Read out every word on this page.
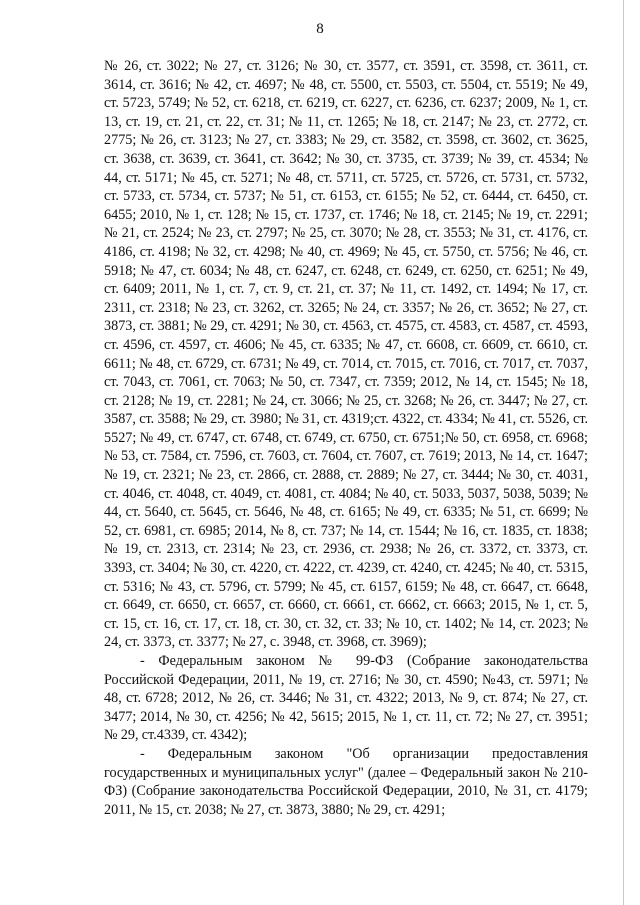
8

№ 26, ст. 3022; № 27, ст. 3126; № 30, ст. 3577, ст. 3591, ст. 3598, ст. 3611, ст. 3614, ст. 3616; № 42, ст. 4697; № 48, ст. 5500, ст. 5503, ст. 5504, ст. 5519; № 49, ст. 5723, 5749; № 52, ст. 6218, ст. 6219, ст. 6227, ст. 6236, ст. 6237; 2009, № 1, ст. 13, ст. 19, ст. 21, ст. 22, ст. 31; № 11, ст. 1265; № 18, ст. 2147; № 23, ст. 2772, ст. 2775; № 26, ст. 3123; № 27, ст. 3383; № 29, ст. 3582, ст. 3598, ст. 3602, ст. 3625, ст. 3638, ст. 3639, ст. 3641, ст. 3642; № 30, ст. 3735, ст. 3739; № 39, ст. 4534; № 44, ст. 5171; № 45, ст. 5271; № 48, ст. 5711, ст. 5725, ст. 5726, ст. 5731, ст. 5732, ст. 5733, ст. 5734, ст. 5737; № 51, ст. 6153, ст. 6155; № 52, ст. 6444, ст. 6450, ст. 6455; 2010, № 1, ст. 128; № 15, ст. 1737, ст. 1746; № 18, ст. 2145; № 19, ст. 2291; № 21, ст. 2524; № 23, ст. 2797; № 25, ст. 3070; № 28, ст. 3553; № 31, ст. 4176, ст. 4186, ст. 4198; № 32, ст. 4298; № 40, ст. 4969; № 45, ст. 5750, ст. 5756; № 46, ст. 5918; № 47, ст. 6034; № 48, ст. 6247, ст. 6248, ст. 6249, ст. 6250, ст. 6251; № 49, ст. 6409; 2011, № 1, ст. 7, ст. 9, ст. 21, ст. 37; № 11, ст. 1492, ст. 1494; № 17, ст. 2311, ст. 2318; № 23, ст. 3262, ст. 3265; № 24, ст. 3357; № 26, ст. 3652; № 27, ст. 3873, ст. 3881; № 29, ст. 4291; № 30, ст. 4563, ст. 4575, ст. 4583, ст. 4587, ст. 4593, ст. 4596, ст. 4597, ст. 4606; № 45, ст. 6335; № 47, ст. 6608, ст. 6609, ст. 6610, ст. 6611; № 48, ст. 6729, ст. 6731; № 49, ст. 7014, ст. 7015, ст. 7016, ст. 7017, ст. 7037, ст. 7043, ст. 7061, ст. 7063; № 50, ст. 7347, ст. 7359; 2012, № 14, ст. 1545; № 18, ст. 2128; № 19, ст. 2281; № 24, ст. 3066; № 25, ст. 3268; № 26, ст. 3447; № 27, ст. 3587, ст. 3588; № 29, ст. 3980; № 31, ст. 4319;ст. 4322, ст. 4334; № 41, ст. 5526, ст. 5527; № 49, ст. 6747, ст. 6748, ст. 6749, ст. 6750, ст. 6751;№ 50, ст. 6958, ст. 6968; № 53, ст. 7584, ст. 7596, ст. 7603, ст. 7604, ст. 7607, ст. 7619; 2013, № 14, ст. 1647; № 19, ст. 2321; № 23, ст. 2866, ст. 2888, ст. 2889; № 27, ст. 3444; № 30, ст. 4031, ст. 4046, ст. 4048, ст. 4049, ст. 4081, ст. 4084; № 40, ст. 5033, 5037, 5038, 5039; № 44, ст. 5640, ст. 5645, ст. 5646, № 48, ст. 6165; № 49, ст. 6335; № 51, ст. 6699; № 52, ст. 6981, ст. 6985; 2014, № 8, ст. 737; № 14, ст. 1544; № 16, ст. 1835, ст. 1838; № 19, ст. 2313, ст. 2314; № 23, ст. 2936, ст. 2938; № 26, ст. 3372, ст. 3373, ст. 3393, ст. 3404; № 30, ст. 4220, ст. 4222, ст. 4239, ст. 4240, ст. 4245; № 40, ст. 5315, ст. 5316; № 43, ст. 5796, ст. 5799; № 45, ст. 6157, 6159; № 48, ст. 6647, ст. 6648, ст. 6649, ст. 6650, ст. 6657, ст. 6660, ст. 6661, ст. 6662, ст. 6663; 2015, № 1, ст. 5, ст. 15, ст. 16, ст. 17, ст. 18, ст. 30, ст. 32, ст. 33; № 10, ст. 1402; № 14, ст. 2023; № 24, ст. 3373, ст. 3377; № 27, с. 3948, ст. 3968, ст. 3969);

- Федеральным законом № 99-ФЗ (Собрание законодательства Российской Федерации, 2011, № 19, ст. 2716; № 30, ст. 4590; №43, ст. 5971; № 48, ст. 6728; 2012, № 26, ст. 3446; № 31, ст. 4322; 2013, № 9, ст. 874; № 27, ст. 3477; 2014, № 30, ст. 4256; № 42, 5615; 2015, № 1, ст. 11, ст. 72; № 27, ст. 3951; № 29, ст.4339, ст. 4342);

- Федеральным законом "Об организации предоставления государственных и муниципальных услуг" (далее – Федеральный закон № 210-ФЗ) (Собрание законодательства Российской Федерации, 2010, № 31, ст. 4179; 2011, № 15, ст. 2038; № 27, ст. 3873, 3880; № 29, ст. 4291;
